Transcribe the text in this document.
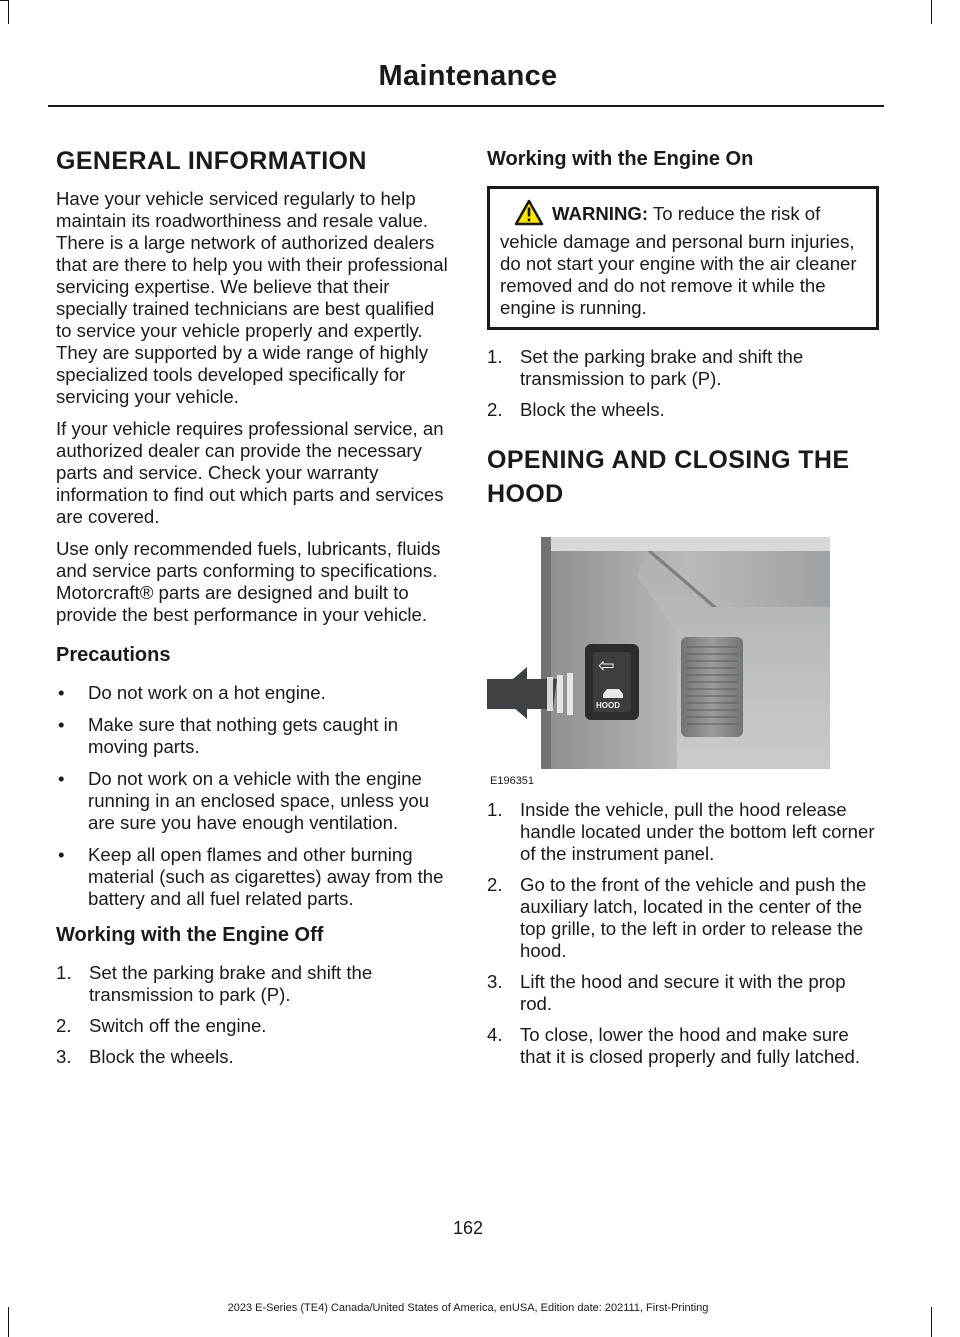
Maintenance
GENERAL INFORMATION

Have your vehicle serviced regularly to help maintain its roadworthiness and resale value. There is a large network of authorized dealers that are there to help you with their professional servicing expertise. We believe that their specially trained technicians are best qualified to service your vehicle properly and expertly. They are supported by a wide range of highly specialized tools developed specifically for servicing your vehicle.

If your vehicle requires professional service, an authorized dealer can provide the necessary parts and service. Check your warranty information to find out which parts and services are covered.

Use only recommended fuels, lubricants, fluids and service parts conforming to specifications. Motorcraft® parts are designed and built to provide the best performance in your vehicle.

Precautions
• Do not work on a hot engine.
• Make sure that nothing gets caught in moving parts.
• Do not work on a vehicle with the engine running in an enclosed space, unless you are sure you have enough ventilation.
• Keep all open flames and other burning material (such as cigarettes) away from the battery and all fuel related parts.
Working with the Engine Off
1. Set the parking brake and shift the transmission to park (P).
2. Switch off the engine.
3. Block the wheels.
Working with the Engine On
WARNING: To reduce the risk of vehicle damage and personal burn injuries, do not start your engine with the air cleaner removed and do not remove it while the engine is running.
1. Set the parking brake and shift the transmission to park (P).
2. Block the wheels.
OPENING AND CLOSING THE
HOOD
⇦
HOOD
E196351
1. Inside the vehicle, pull the hood release handle located under the bottom left corner of the instrument panel.
2. Go to the front of the vehicle and push the auxiliary latch, located in the center of the top grille, to the left in order to release the hood.
3. Lift the hood and secure it with the prop rod.
4. To close, lower the hood and make sure that it is closed properly and fully latched.
162
2023 E-Series (TE4) Canada/United States of America, enUSA, Edition date: 202111, First-Printing
